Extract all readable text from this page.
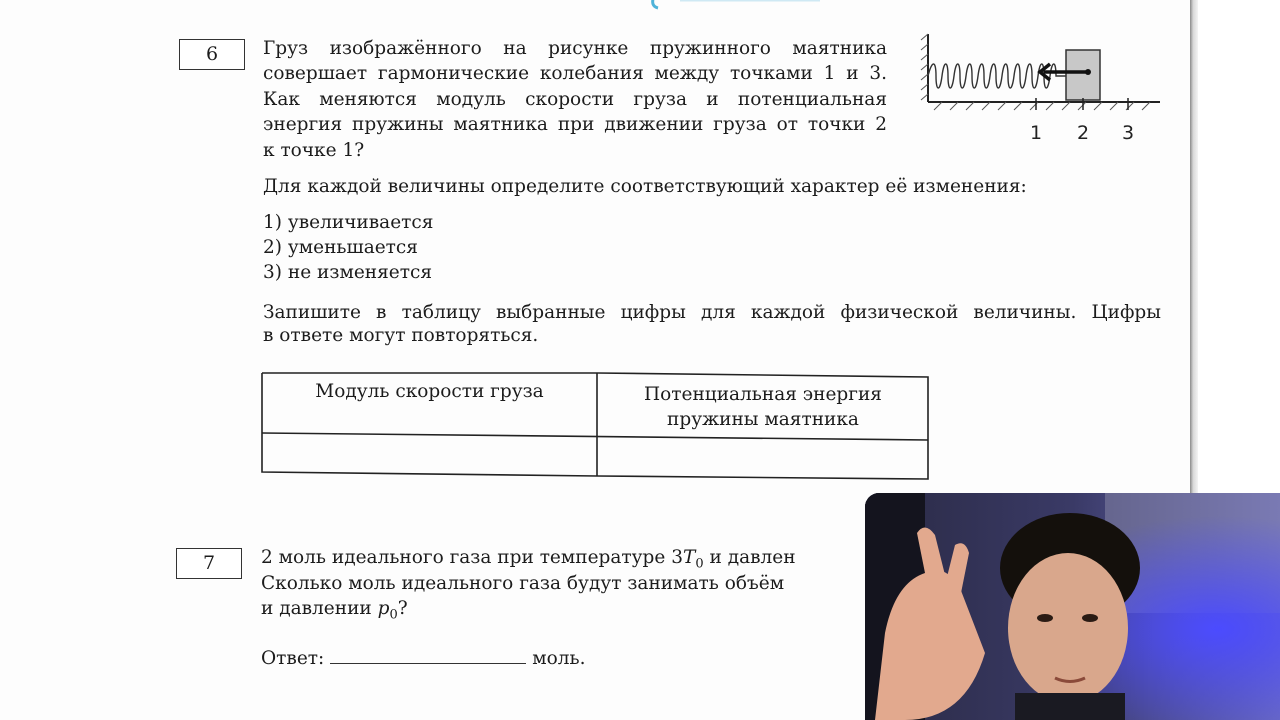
6	Груз изображённого на рисунке пружинного маятника
совершает гармонические колебания между точками 1 и 3.
Как меняются модуль скорости груза и потенциальная
энергия пружины маятника при движении груза от точки 2
к точке 1?
1 2 3
Для каждой величины определите соответствующий характер её изменения:
1) увеличивается
2) уменьшается
3) не изменяется
Запишите в таблицу выбранные цифры для каждой физической величины. Цифры
в ответе могут повторяться.
Модуль скорости груза	Потенциальная энергия
пружины маятника
7	2 моль идеального газа при температуре $3T_0$ и давлен
Сколько моль идеального газа будут занимать объём
и давлении $p_0$?
Ответ:	моль.
